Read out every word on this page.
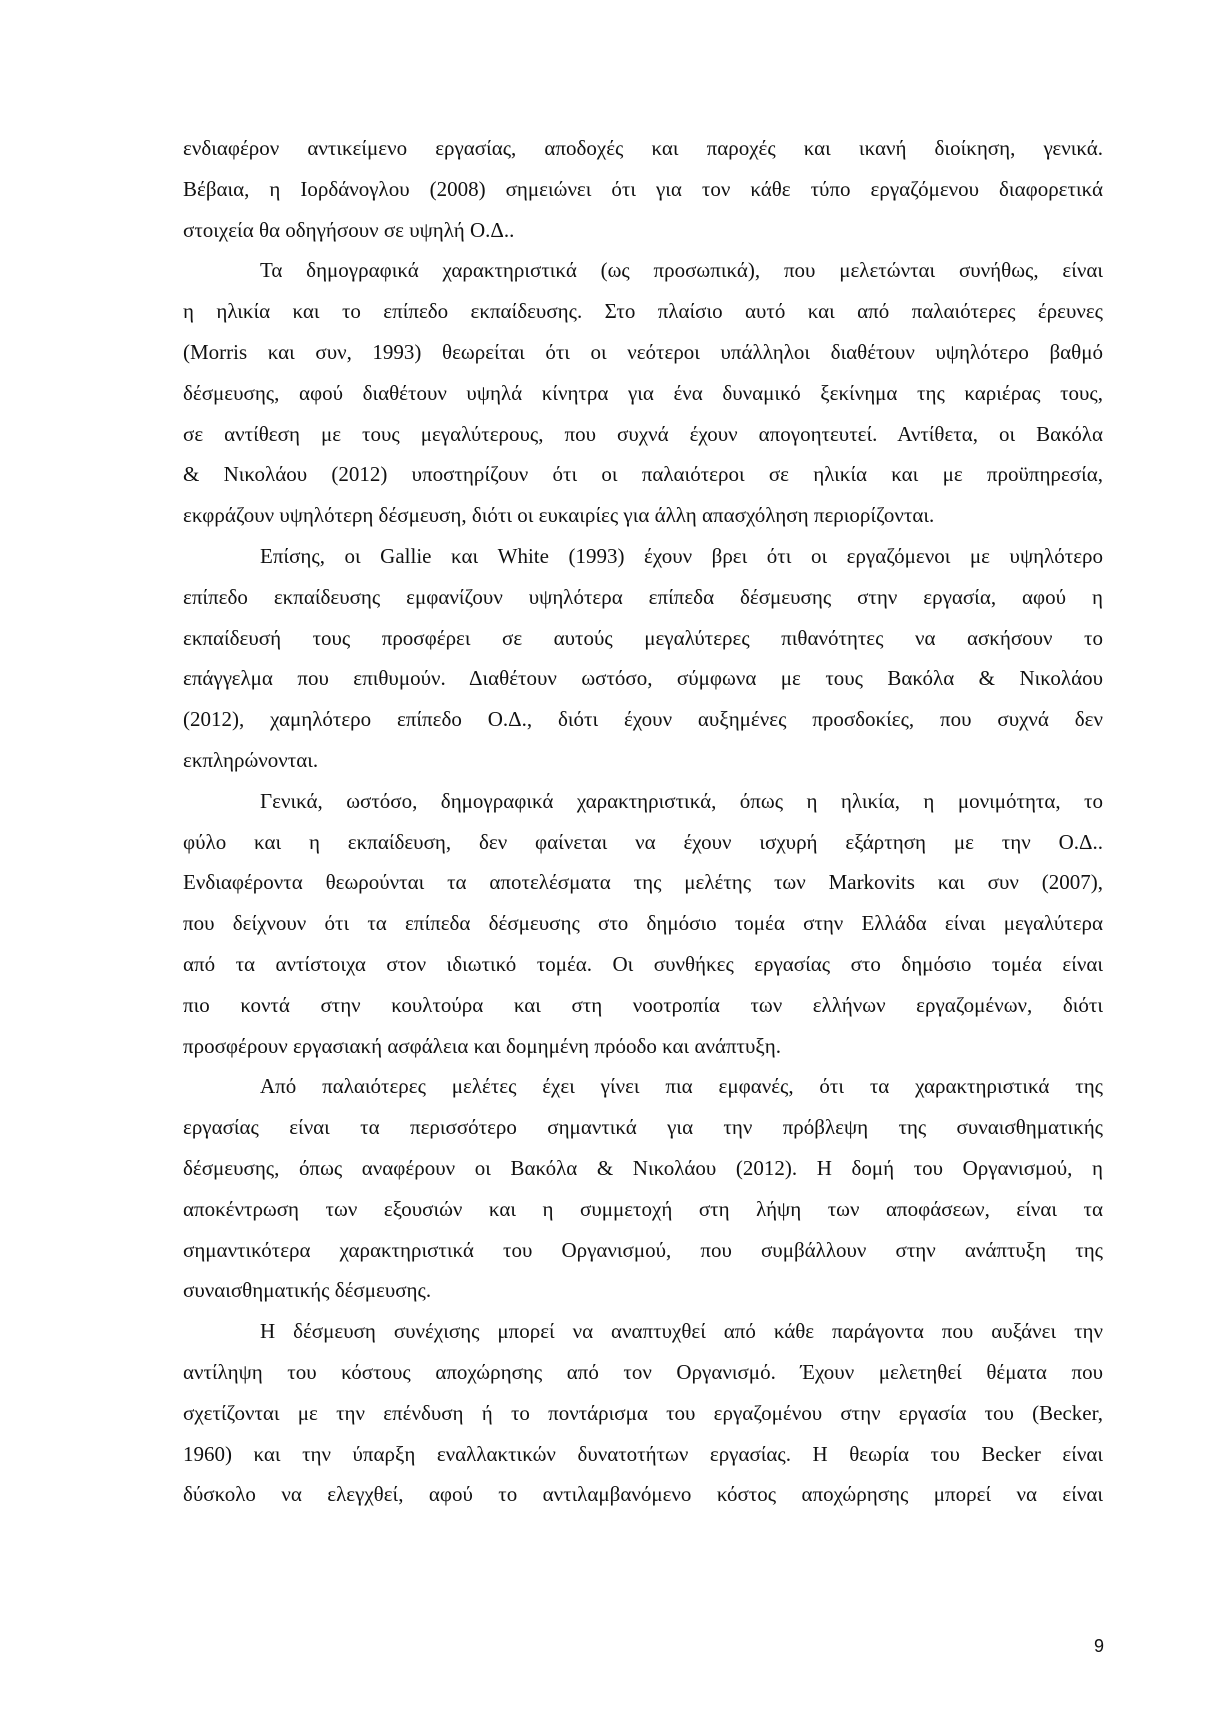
ενδιαφέρον αντικείμενο εργασίας, αποδοχές και παροχές και ικανή διοίκηση, γενικά.
Βέβαια, η Ιορδάνογλου (2008) σημειώνει ότι για τον κάθε τύπο εργαζόμενου διαφορετικά
στοιχεία θα οδηγήσουν σε υψηλή Ο.Δ..
Τα δημογραφικά χαρακτηριστικά (ως προσωπικά), που μελετώνται συνήθως, είναι
η ηλικία και το επίπεδο εκπαίδευσης. Στο πλαίσιο αυτό και από παλαιότερες έρευνες
(Morris και συν, 1993) θεωρείται ότι οι νεότεροι υπάλληλοι διαθέτουν υψηλότερο βαθμό
δέσμευσης, αφού διαθέτουν υψηλά κίνητρα για ένα δυναμικό ξεκίνημα της καριέρας τους,
σε αντίθεση με τους μεγαλύτερους, που συχνά έχουν απογοητευτεί. Αντίθετα, οι Βακόλα
& Νικολάου (2012) υποστηρίζουν ότι οι παλαιότεροι σε ηλικία και με προϋπηρεσία,
εκφράζουν υψηλότερη δέσμευση, διότι οι ευκαιρίες για άλλη απασχόληση περιορίζονται.
Επίσης, οι Gallie και White (1993) έχουν βρει ότι οι εργαζόμενοι με υψηλότερο
επίπεδο εκπαίδευσης εμφανίζουν υψηλότερα επίπεδα δέσμευσης στην εργασία, αφού η
εκπαίδευσή τους προσφέρει σε αυτούς μεγαλύτερες πιθανότητες να ασκήσουν το
επάγγελμα που επιθυμούν. Διαθέτουν ωστόσο, σύμφωνα με τους Βακόλα & Νικολάου
(2012), χαμηλότερο επίπεδο Ο.Δ., διότι έχουν αυξημένες προσδοκίες, που συχνά δεν
εκπληρώνονται.
Γενικά, ωστόσο, δημογραφικά χαρακτηριστικά, όπως η ηλικία, η μονιμότητα, το
φύλο και η εκπαίδευση, δεν φαίνεται να έχουν ισχυρή εξάρτηση με την Ο.Δ..
Ενδιαφέροντα θεωρούνται τα αποτελέσματα της μελέτης των Markovits και συν (2007),
που δείχνουν ότι τα επίπεδα δέσμευσης στο δημόσιο τομέα στην Ελλάδα είναι μεγαλύτερα
από τα αντίστοιχα στον ιδιωτικό τομέα. Οι συνθήκες εργασίας στο δημόσιο τομέα είναι
πιο κοντά στην κουλτούρα και στη νοοτροπία των ελλήνων εργαζομένων, διότι
προσφέρουν εργασιακή ασφάλεια και δομημένη πρόοδο και ανάπτυξη.
Από παλαιότερες μελέτες έχει γίνει πια εμφανές, ότι τα χαρακτηριστικά της
εργασίας είναι τα περισσότερο σημαντικά για την πρόβλεψη της συναισθηματικής
δέσμευσης, όπως αναφέρουν οι Βακόλα & Νικολάου (2012). Η δομή του Οργανισμού, η
αποκέντρωση των εξουσιών και η συμμετοχή στη λήψη των αποφάσεων, είναι τα
σημαντικότερα χαρακτηριστικά του Οργανισμού, που συμβάλλουν στην ανάπτυξη της
συναισθηματικής δέσμευσης.
Η δέσμευση συνέχισης μπορεί να αναπτυχθεί από κάθε παράγοντα που αυξάνει την
αντίληψη του κόστους αποχώρησης από τον Οργανισμό. Έχουν μελετηθεί θέματα που
σχετίζονται με την επένδυση ή το πoντάρισμα του εργαζομένου στην εργασία του (Becker,
1960) και την ύπαρξη εναλλακτικών δυνατοτήτων εργασίας. Η θεωρία του Becker είναι
δύσκολο να ελεγχθεί, αφού το αντιλαμβανόμενο κόστος αποχώρησης μπορεί να είναι
9
